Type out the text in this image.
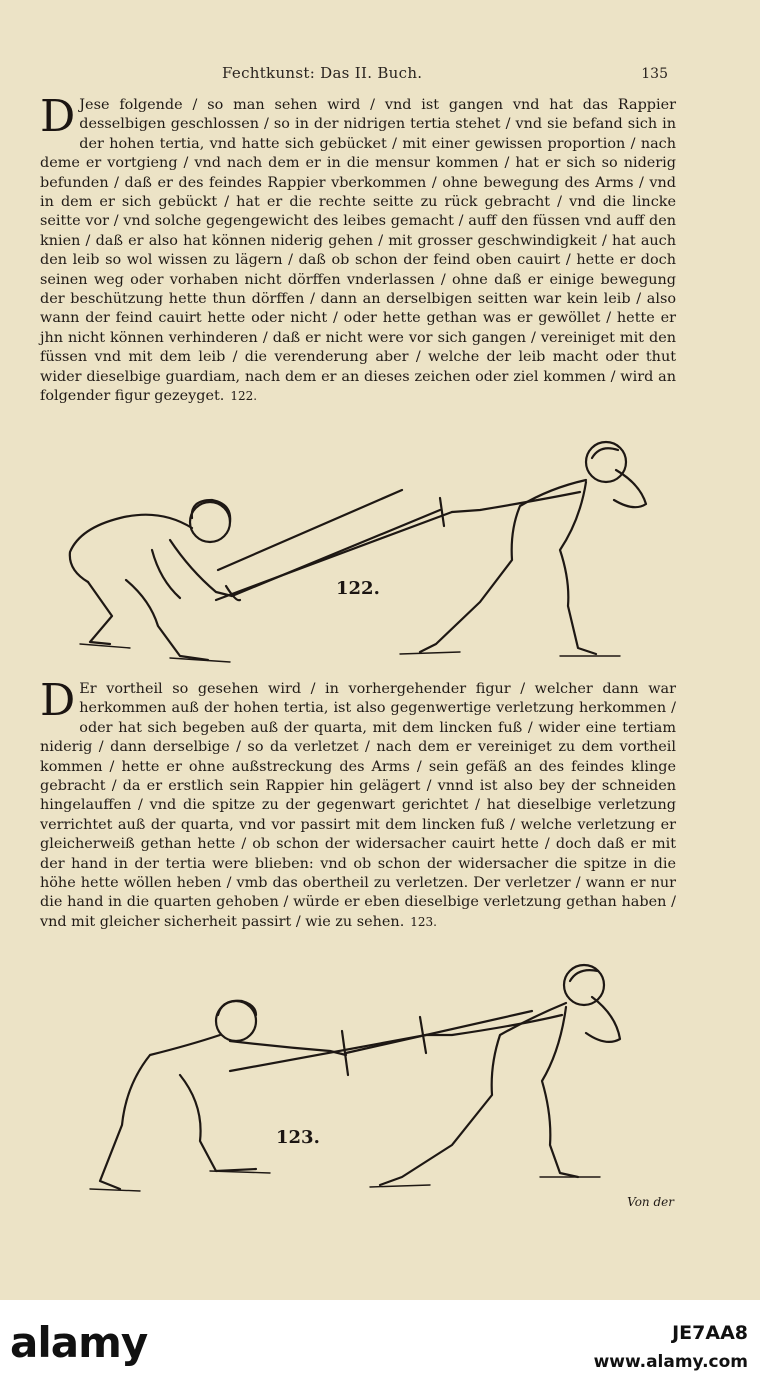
Fechtkunst: Das II. Buch.	135
D Jese folgende / so man sehen wird / vnd ist gangen vnd hat das Rappier desselbigen geschlossen / so in der nidrigen tertia stehet / vnd sie befand sich in der hohen tertia, vnd hatte sich gebücket / mit einer gewissen proportion / nach deme er vortgieng / vnd nach dem er in die mensur kommen / hat er sich so niderig befunden / daß er des feindes Rappier vberkommen / ohne bewegung des Arms / vnd in dem er sich gebückt / hat er die rechte seitte zu rück gebracht / vnd die lincke seitte vor / vnd solche gegengewicht des leibes gemacht / auff den füssen vnd auff den knien / daß er also hat können niderig gehen / mit grosser geschwindigkeit / hat auch den leib so wol wissen zu lägern / daß ob schon der feind oben cauirt / hette er doch seinen weg oder vorhaben nicht dörffen vnderlassen / ohne daß er einige bewegung der beschützung hette thun dörffen / dann an derselbigen seitten war kein leib / also wann der feind cauirt hette oder nicht / oder hette gethan was er gewöllet / hette er jhn nicht können verhinderen / daß er nicht were vor sich gangen / vereiniget mit den füssen vnd mit dem leib / die verenderung aber / welche der leib macht oder thut wider dieselbige guardiam, nach dem er an dieses zeichen oder ziel kommen / wird an folgender figur gezeyget. 122.
122.
D Er vortheil so gesehen wird / in vorhergehender figur / welcher dann war herkommen auß der hohen tertia, ist also gegenwertige verletzung herkommen / oder hat sich begeben auß der quarta, mit dem lincken fuß / wider eine tertiam niderig / dann derselbige / so da verletzet / nach dem er vereiniget zu dem vortheil kommen / hette er ohne außstreckung des Arms / sein gefäß an des feindes klinge gebracht / da er erstlich sein Rappier hin gelägert / vnnd ist also bey der schneiden hingelauffen / vnd die spitze zu der gegenwart gerichtet / hat dieselbige verletzung verrichtet auß der quarta, vnd vor passirt mit dem lincken fuß / welche verletzung er gleicherweiß gethan hette / ob schon der widersacher cauirt hette / doch daß er mit der hand in der tertia were blieben: vnd ob schon der widersacher die spitze in die höhe hette wöllen heben / vmb das obertheil zu verletzen. Der verletzer / wann er nur die hand in die quarten gehoben / würde er eben dieselbige verletzung gethan haben / vnd mit gleicher sicherheit passirt / wie zu sehen. 123.
123.
Von der
alamy	JE7AA8
www.alamy.com
